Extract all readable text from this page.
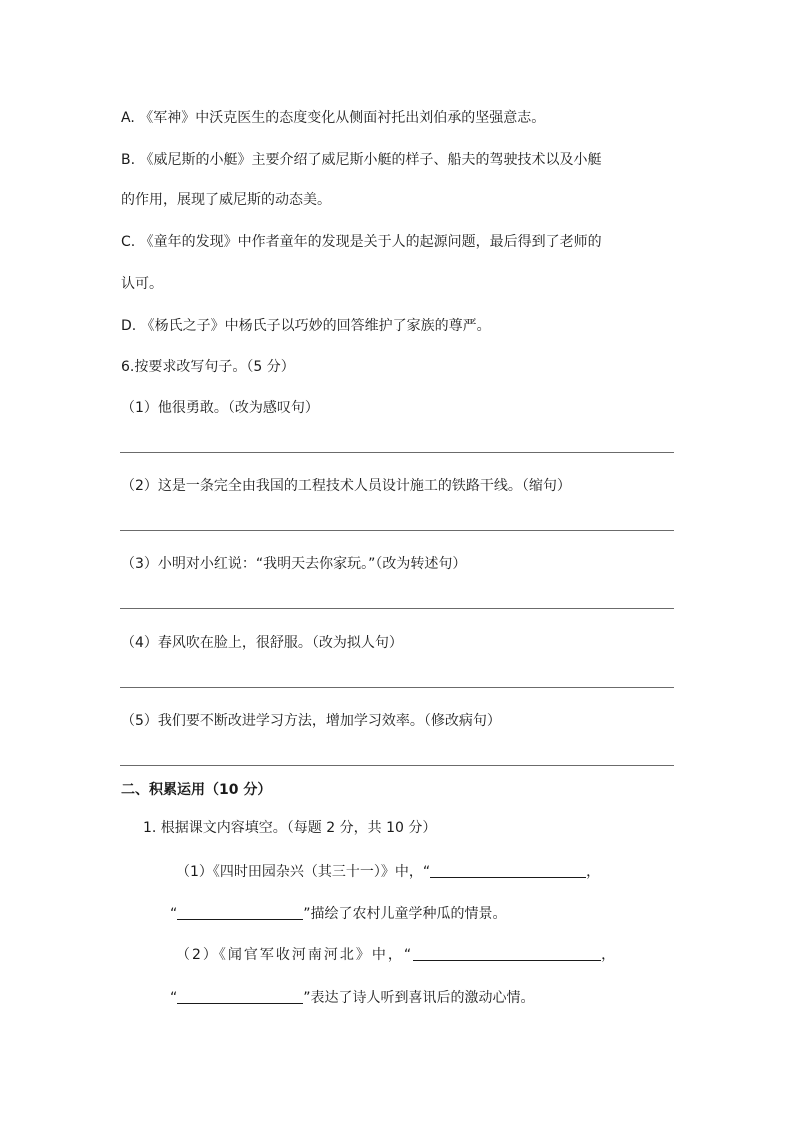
A. 《军神》中沃克医生的态度变化从侧面衬托出刘伯承的坚强意志。
B. 《威尼斯的小艇》主要介绍了威尼斯小艇的样子、船夫的驾驶技术以及小艇
的作用，展现了威尼斯的动态美。
C. 《童年的发现》中作者童年的发现是关于人的起源问题，最后得到了老师的
认可。
D. 《杨氏之子》中杨氏子以巧妙的回答维护了家族的尊严。
6.按要求改写句子。（5 分）
（1）他很勇敢。（改为感叹句）
（2）这是一条完全由我国的工程技术人员设计施工的铁路干线。（缩句）
（3）小明对小红说：“我明天去你家玩。”（改为转述句）
（4）春风吹在脸上，很舒服。（改为拟人句）
（5）我们要不断改进学习方法，增加学习效率。（修改病句）
二、积累运用（10 分）
1. 根据课文内容填空。（每题 2 分，共 10 分）
（1）《四时田园杂兴（其三十一）》中，“	，
“	”描绘了农村儿童学种瓜的情景。
（2）《闻官军收河南河北》中，“	，
“	”表达了诗人听到喜讯后的激动心情。
